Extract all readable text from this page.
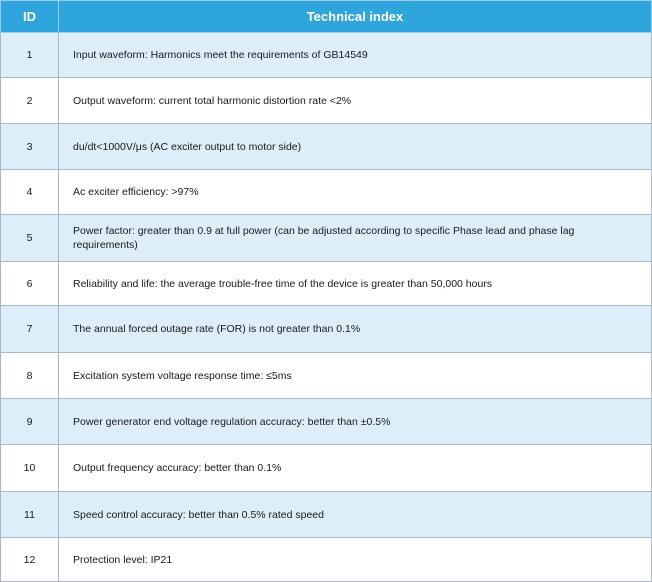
ID	Technical index
1	Input waveform: Harmonics meet the requirements of GB14549
2	Output waveform: current total harmonic distortion rate <2%
3	du/dt<1000V/μs (AC exciter output to motor side)
4	Ac exciter efficiency: >97%
5	Power factor: greater than 0.9 at full power (can be adjusted according to specific Phase lead and phase lag requirements)
6	Reliability and life: the average trouble-free time of the device is greater than 50,000 hours
7	The annual forced outage rate (FOR) is not greater than 0.1%
8	Excitation system voltage response time: ≤5ms
9	Power generator end voltage regulation accuracy: better than ±0.5%
10	Output frequency accuracy: better than 0.1%
11	Speed control accuracy: better than 0.5% rated speed
12	Protection level: IP21
